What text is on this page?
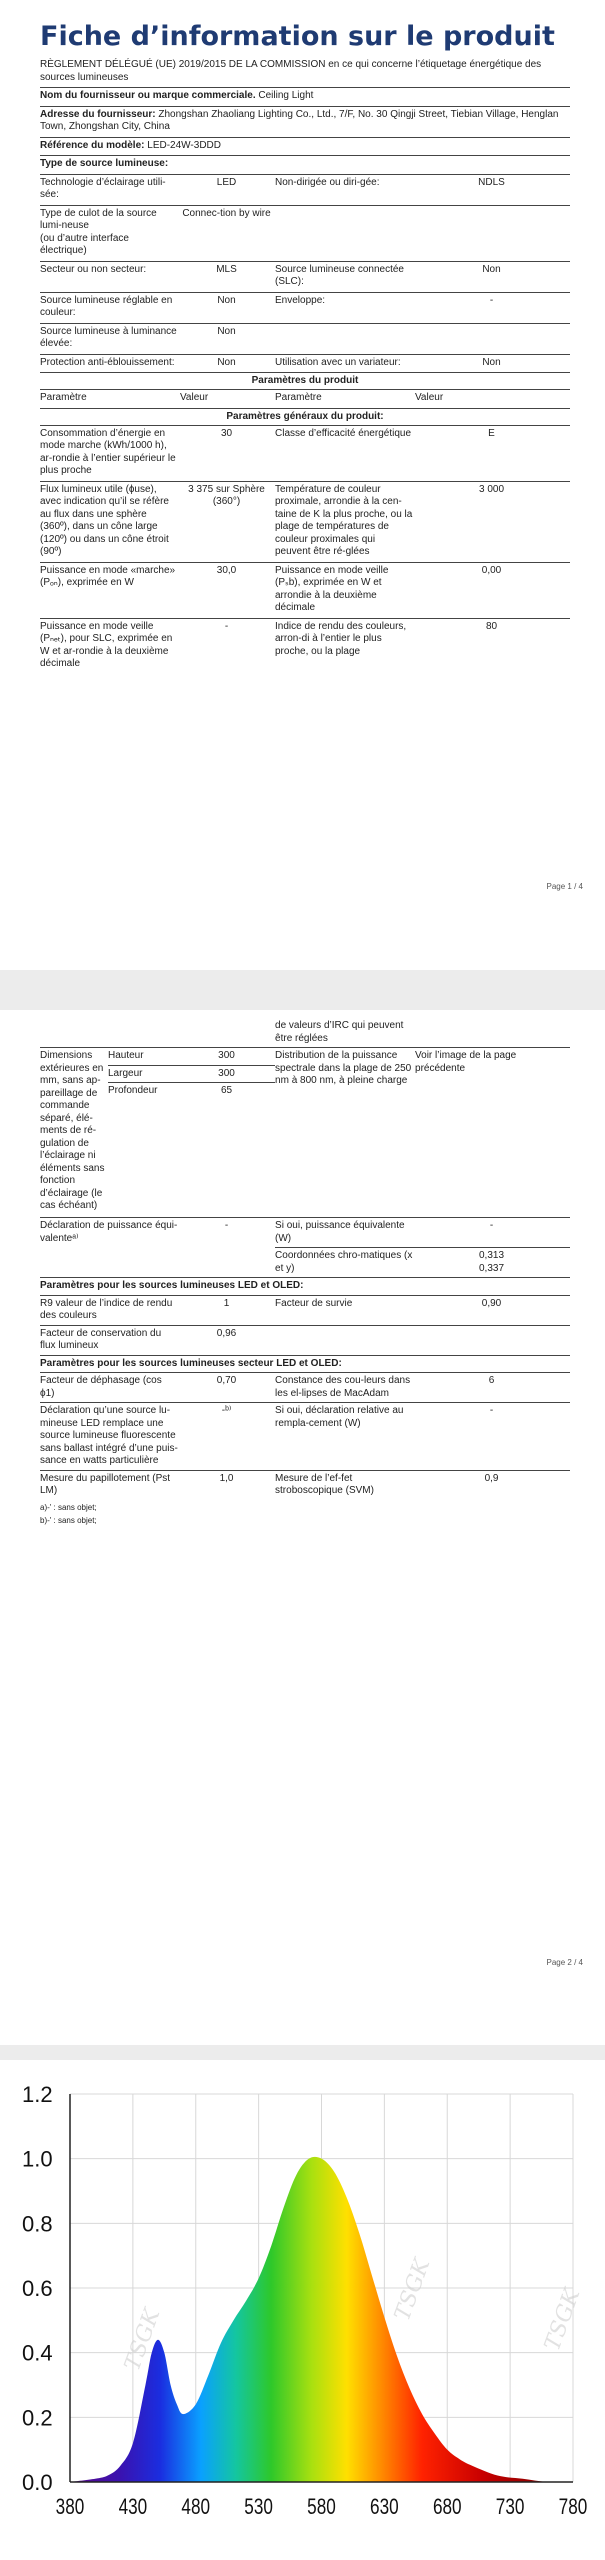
Fiche d’information sur le produit
RÈGLEMENT DÉLÉGUÉ (UE) 2019/2015 DE LA COMMISSION en ce qui concerne l’étiquetage énergétique des sources lumineuses
Nom du fournisseur ou marque commerciale. Ceiling Light
Adresse du fournisseur: Zhongshan Zhaoliang Lighting Co., Ltd., 7/F, No. 30 Qingji Street, Tiebian Village, Henglan Town, Zhongshan City, China
Référence du modèle: LED-24W-3DDD
Type de source lumineuse:
Technologie d’éclairage utili-sée:	LED	Non-dirigée ou diri-gée:	NDLS
Type de culot de la source lumi-neuse
(ou d’autre interface électrique)	Connec-tion by wire		
Secteur ou non secteur:	MLS	Source lumineuse connectée (SLC):	Non
Source lumineuse réglable en couleur:	Non	Enveloppe:	-
Source lumineuse à luminance élevée:	Non		
Protection anti-éblouissement:	Non	Utilisation avec un variateur:	Non
Paramètres du produit
Paramètre	Valeur	Paramètre	Valeur
Paramètres généraux du produit:
Consommation d’énergie en mode marche (kWh/1000 h), ar-rondie à l’entier supérieur le plus proche	30	Classe d’efficacité énergétique	E
Flux lumineux utile (ɸuse), avec indication qu’il se réfère au flux dans une sphère (360º), dans un cône large (120º) ou dans un cône étroit (90º)	3 375 sur Sphère (360°)	Température de couleur proximale, arrondie à la cen-taine de K la plus proche, ou la plage de températures de couleur proximales qui peuvent être ré-glées	3 000
Puissance en mode «marche» (Pₒₙ), exprimée en W	30,0	Puissance en mode veille (Pₛb), exprimée en W et arrondie à la deuxième décimale	0,00
Puissance en mode veille (Pₙₑₜ), pour SLC, exprimée en W et ar-rondie à la deuxième décimale	-	Indice de rendu des couleurs, arron-di à l’entier le plus proche, ou la plage	80
Page 1 / 4
			de valeurs d’IRC qui peuvent être réglées	
Dimensions extérieures en mm, sans ap-pareillage de commande séparé, élé-ments de ré-gulation de l’éclairage ni éléments sans fonction d’éclairage (le cas échéant)	Hauteur	300	Distribution de la puissance spectrale dans la plage de 250 nm à 800 nm, à pleine charge	Voir l’image de la page précédente
	Largeur	300		
	Profondeur	65		
Déclaration de puissance équi-valenteᵃ⁾		-	Si oui, puissance équivalente (W)	-
			Coordonnées chro-matiques (x et y)	0,313
0,337

Paramètres pour les sources lumineuses LED et OLED:				
R9 valeur de l’indice de rendu des couleurs		1	Facteur de survie	0,90
Facteur de conservation du flux lumineux		0,96		
Paramètres pour les sources lumineuses secteur LED et OLED:				
Facteur de déphasage (cos ϕ1)		0,70	Constance des cou-leurs dans les el-lipses de MacAdam	6
Déclaration qu’une source lu-mineuse LED remplace une source lumineuse fluorescente sans ballast intégré d’une puis-sance en watts particulière		-ᵇ⁾	Si oui, déclaration relative au rempla-cement (W)	-
Mesure du papillotement (Pst LM)		1,0	Mesure de l’ef-fet stroboscopique (SVM)	0,9
a)-' : sans objet;
b)-' : sans objet;
Page 2 / 4
TSGK
TSGK	TSGK
380 430 480 530 580 630 680 730 780
0.0
0.2
0.4
0.6
0.8
1.0
1.2
